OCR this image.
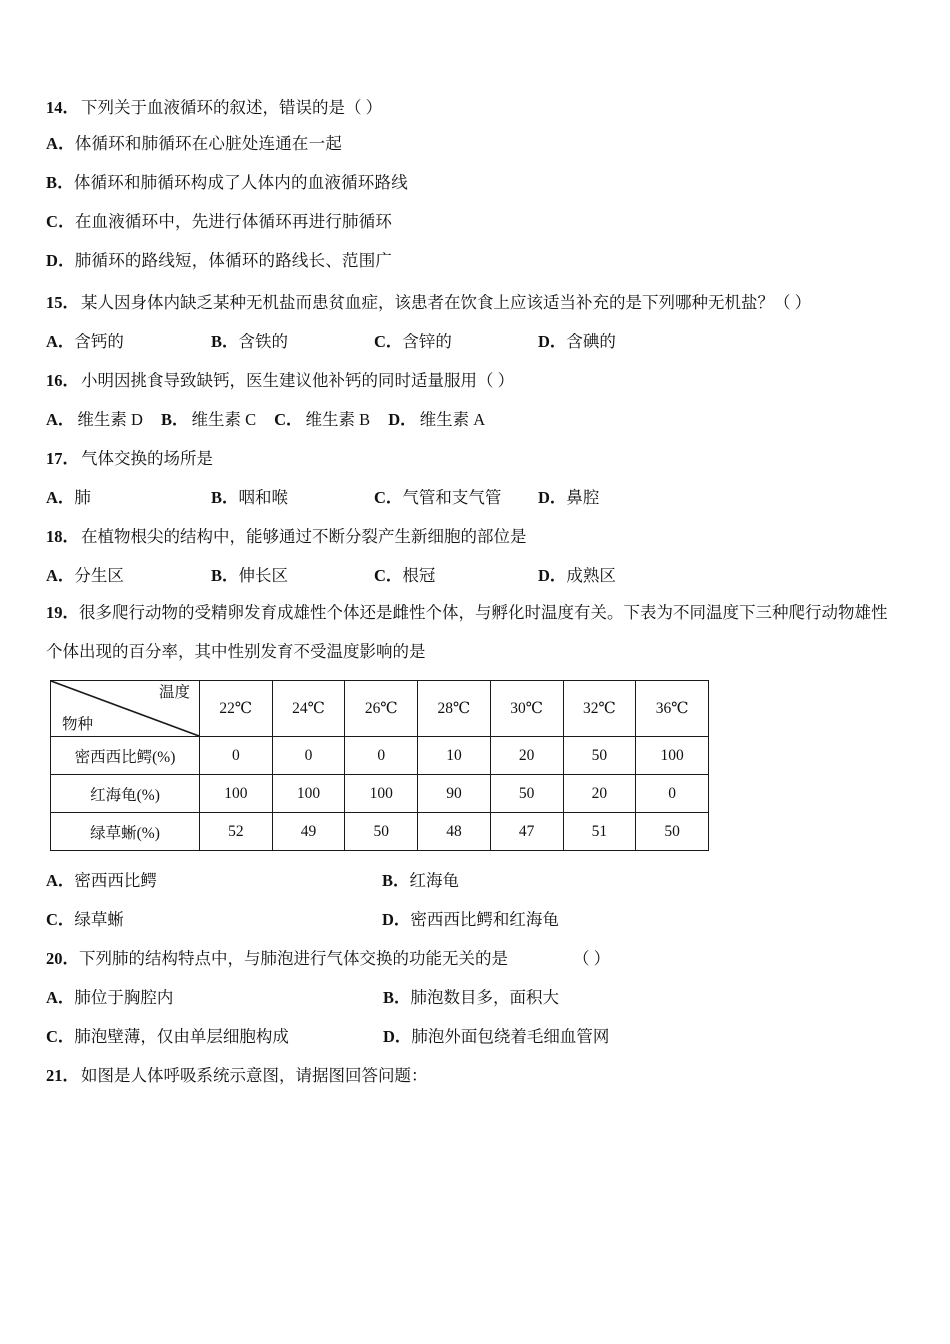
14． 下列关于血液循环的叙述，错误的是（ ）
A． 体循环和肺循环在心脏处连通在一起
B． 体循环和肺循环构成了人体内的血液循环路线
C． 在血液循环中，先进行体循环再进行肺循环
D． 肺循环的路线短，体循环的路线长、范围广
15． 某人因身体内缺乏某种无机盐而患贫血症，该患者在饮食上应该适当补充的是下列哪种无机盐？（ ）
A．含钙的	B．含铁的	C．含锌的	D．含碘的
16． 小明因挑食导致缺钙，医生建议他补钙的同时适量服用（ ）
A． 维生素 D B． 维生素 C C． 维生素 B D． 维生素 A
17． 气体交换的场所是
A．肺	B．咽和喉	C．气管和支气管 D．鼻腔
18． 在植物根尖的结构中，能够通过不断分裂产生新细胞的部位是
A．分生区	B．伸长区	C．根冠	D．成熟区
19．很多爬行动物的受精卵发育成雄性个体还是雌性个体，与孵化时温度有关。下表为不同温度下三种爬行动物雄性
个体出现的百分率，其中性别发育不受温度影响的是
温度
物种	22℃	24℃	26℃	28℃	30℃	32℃	36℃
密西西比鳄(%)	0	0	0	10	20	50	100
红海龟(%)	100	100	100	90	50	20	0
绿草蜥(%)	52	49	50	48	47	51	50
A．密西西比鳄	B．红海龟
C．绿草蜥	D．密西西比鳄和红海龟
20．下列肺的结构特点中，与肺泡进行气体交换的功能无关的是	（ ）
A．肺位于胸腔内	B．肺泡数目多，面积大
C．肺泡壁薄，仅由单层细胞构成	D．肺泡外面包绕着毛细血管网
21． 如图是人体呼吸系统示意图，请据图回答问题：
